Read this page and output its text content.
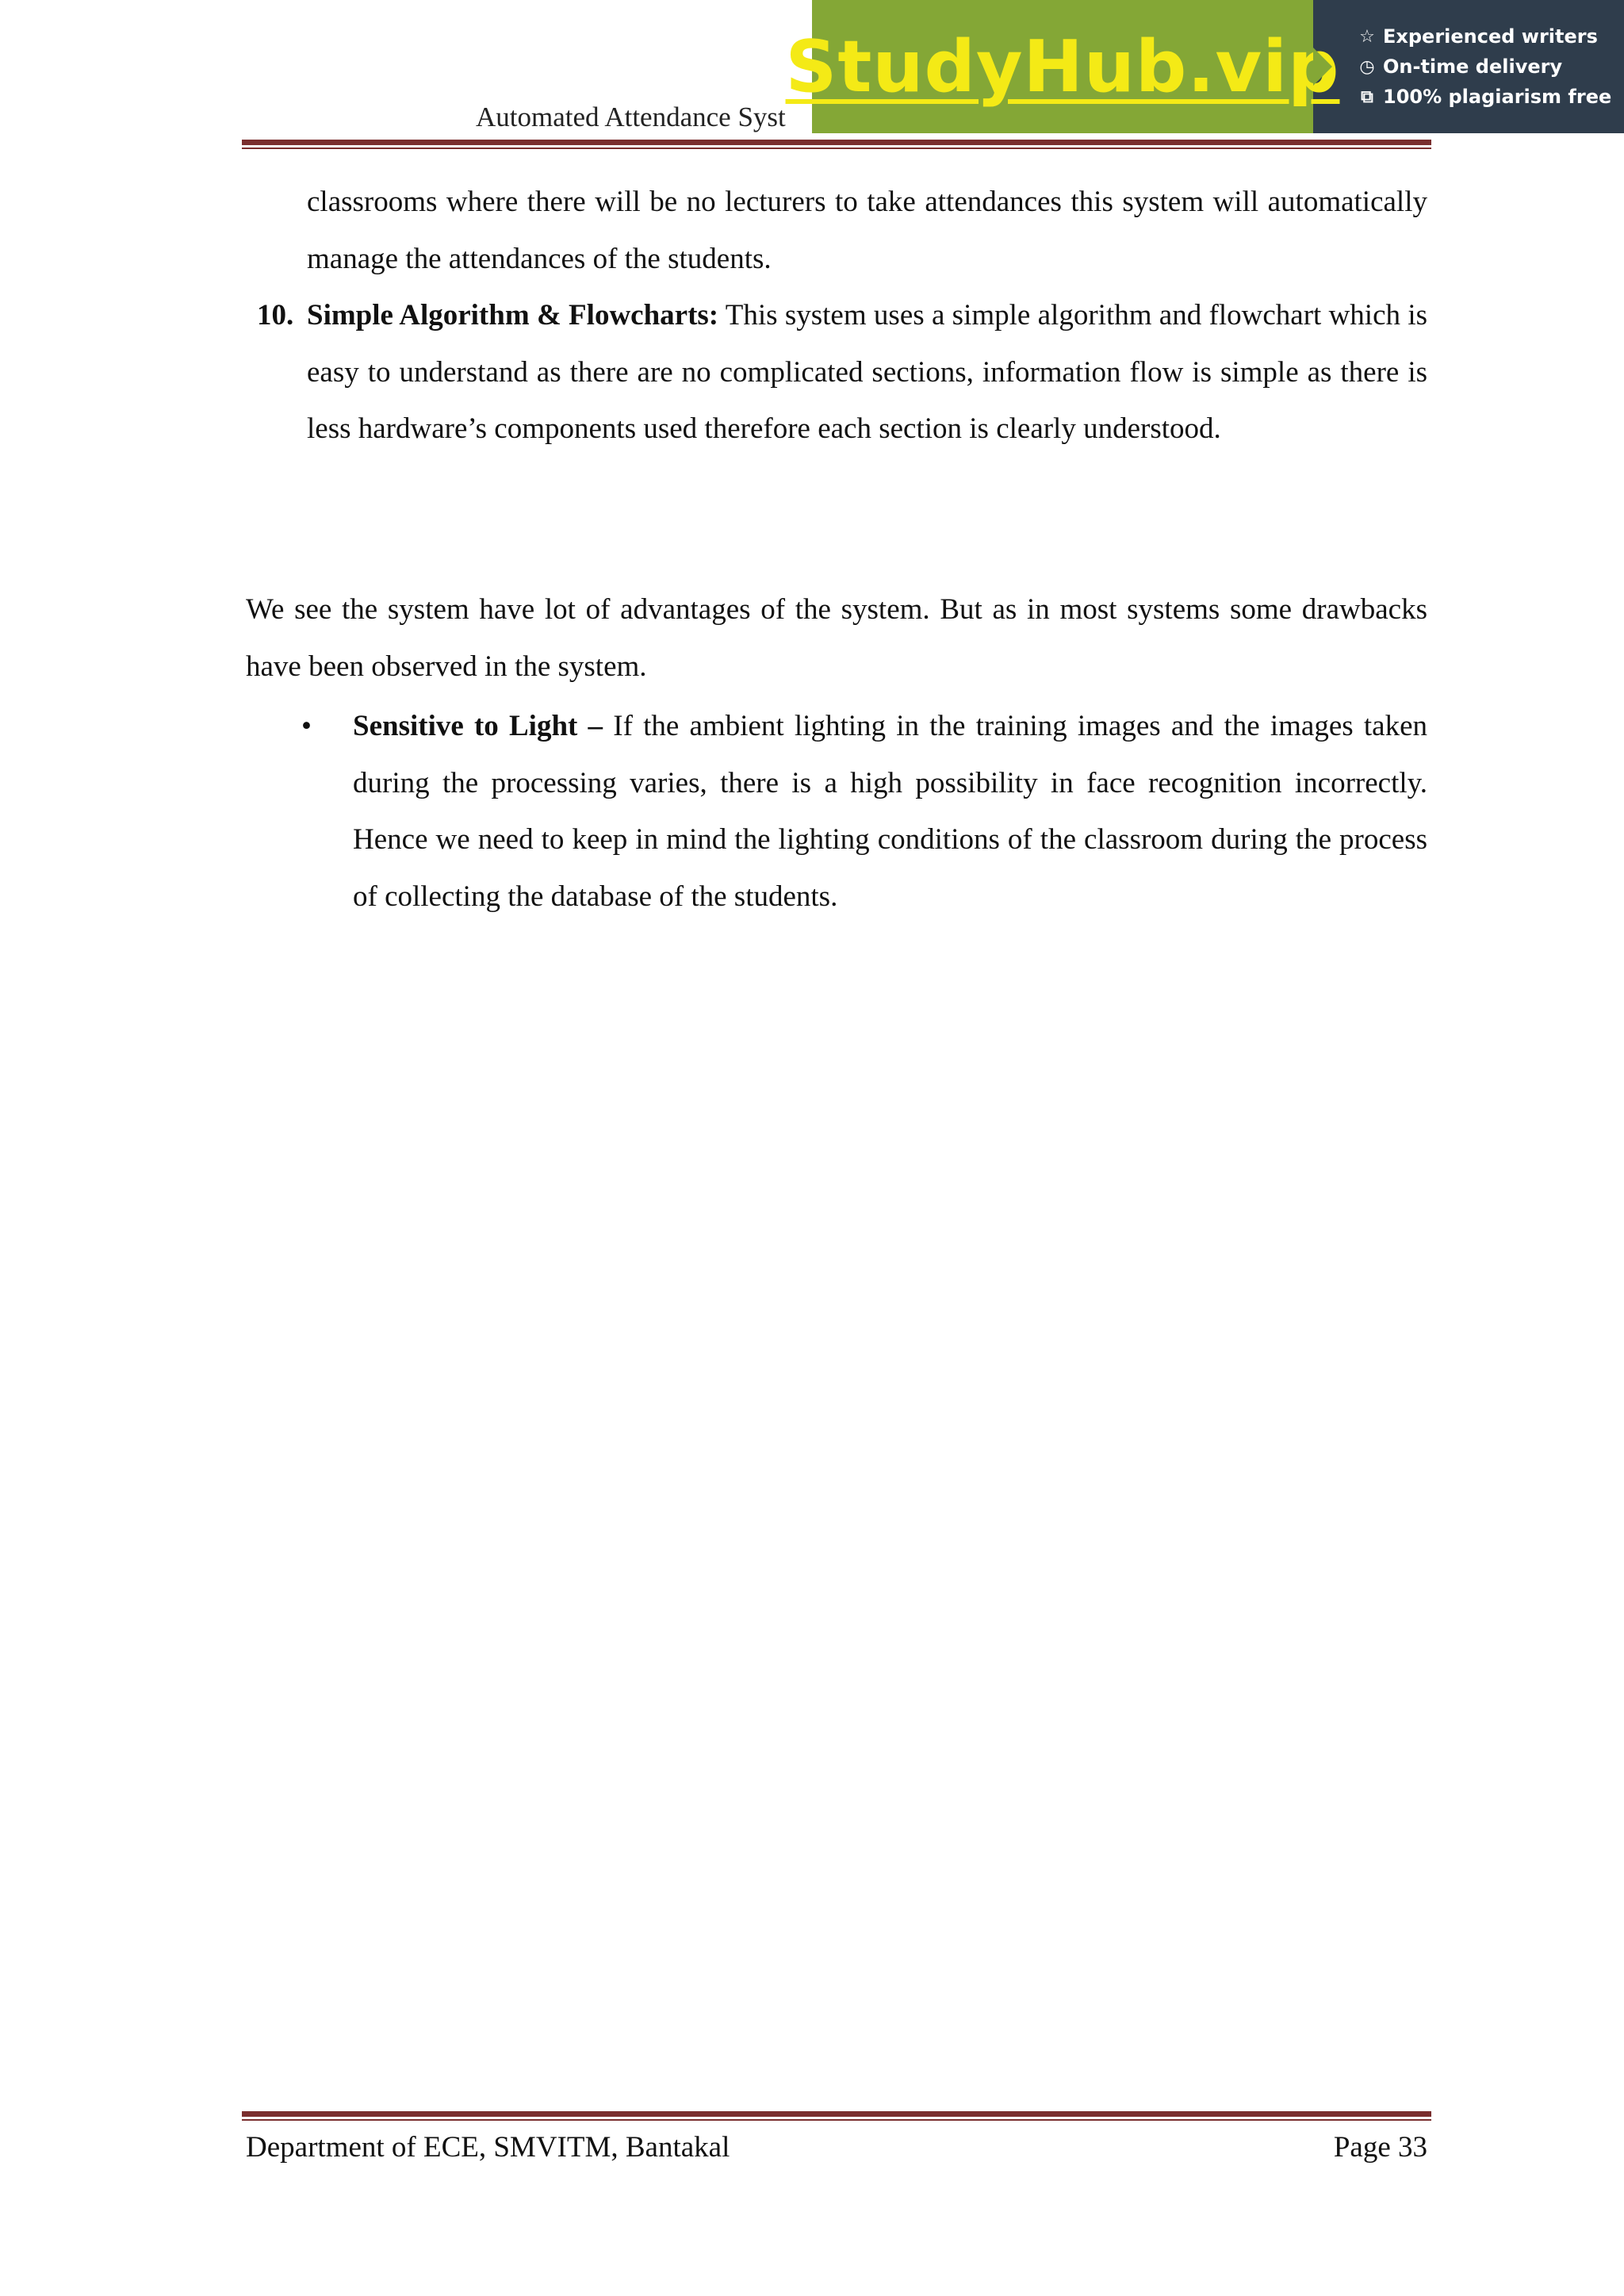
Automated Attendance Syst
StudyHub.vip ☆ Experienced writers
◷ On-time delivery
⧉ 100% plagiarism free
classrooms where there will be no lecturers to take attendances this system will automatically manage the attendances of the students.
10. Simple Algorithm & Flowcharts: This system uses a simple algorithm and flowchart which is easy to understand as there are no complicated sections, information flow is simple as there is less hardware’s components used therefore each section is clearly understood.
We see the system have lot of advantages of the system. But as in most systems some drawbacks have been observed in the system.
• Sensitive to Light – If the ambient lighting in the training images and the images taken during the processing varies, there is a high possibility in face recognition incorrectly. Hence we need to keep in mind the lighting conditions of the classroom during the process of collecting the database of the students.
Department of ECE, SMVITM, Bantakal	Page 33
